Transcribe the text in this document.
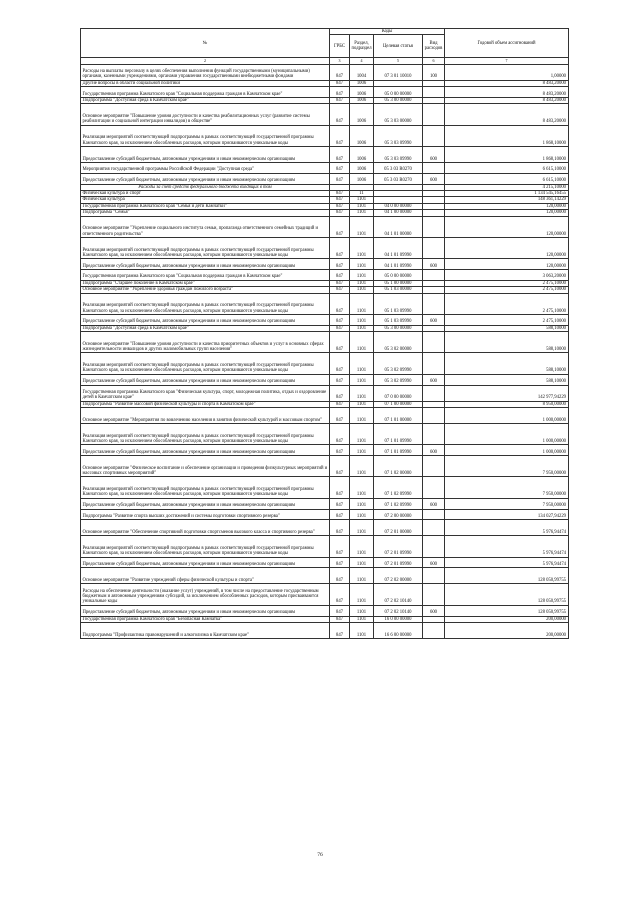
№	Коды				Годовой объем ассигнований
	ГРБС	Раздел, подраздел	Целевая статья	Вид расходов	
2	3	4	5	6	7
Расходы на выплаты персоналу в целях обеспечения выполнения функций государственными (муниципальными) органами, казенными учреждениями, органами управления государственными внебюджетными фондами	847	1004	07 3 01 10010	100	1,00000
Другие вопросы в области социальной политики	847	1006			8 483,20000
Государственная программа Камчатского края "Социальная поддержка граждан в Камчатском крае"	847	1006	05 0 00 00000		8 483,20000
Подпрограмма "Доступная среда в Камчатском крае"	847	1006	05 3 00 00000		8 483,20000
Основное мероприятие "Повышение уровня доступности и качества реабилитационных услуг (развитие системы реабилитации и социальной интеграции инвалидов) в обществе"	847	1006	05 3 03 00000		8 483,20000
Реализация мероприятий соответствующей подпрограммы в рамках соответствующей государственной программы Камчатского края, за исключением обособленных расходов, которым присваиваются уникальные коды	847	1006	05 3 03 09990		1 868,10000
Предоставление субсидий бюджетным, автономным учреждениям и иным некоммерческим организациям	847	1006	05 3 03 09990	600	1 868,10000
Мероприятия государственной программы Российской Федерации "Доступная среда"	847	1006	05 3 03 R0270		6 615,10000
Предоставление субсидий бюджетным, автономным учреждениям и иным некоммерческим организациям	847	1006	05 3 03 R0270	600	6 615,10000
Расходы за счет средств федерального бюджета входящих в том					4 215,10000
Физическая культура и спорт	847	11			1 134 545,16455
Физическая культура	847	1101			148 361,14229
Государственная программа Камчатского края "Семья и дети Камчатки"	847	1101	04 0 00 00000		120,00000
Подпрограмма "Семья"	847	1101	04 1 00 00000		120,00000
Основное мероприятие "Укрепление социального института семьи, пропаганда ответственного семейных традиций и ответственного родительства"	847	1101	04 1 01 00000		120,00000
Реализация мероприятий соответствующей подпрограммы в рамках соответствующей государственной программы Камчатского края, за исключением обособленных расходов, которым присваиваются уникальные коды	847	1101	04 1 01 09990		120,00000
Предоставление субсидий бюджетным, автономным учреждениям и иным некоммерческим организациям	847	1101	04 1 01 09990	600	120,00000
Государственная программа Камчатского края "Социальная поддержка граждан в Камчатском крае"	847	1101	05 0 00 00000		3 063,20000
Подпрограмма "Старшее поколение в Камчатском крае"	847	1101	05 1 00 00000		2 475,10000
Основное мероприятие "Укрепление здоровья граждан пожилого возраста"	847	1101	05 1 03 00000		2 475,10000
Реализация мероприятий соответствующей подпрограммы в рамках соответствующей государственной программы Камчатского края, за исключением обособленных расходов, которым присваиваются уникальные коды	847	1101	05 1 03 09990		2 475,10000
Предоставление субсидий бюджетным, автономным учреждениям и иным некоммерческим организациям	847	1101	05 1 03 09990	600	2 475,10000
Подпрограмма "Доступная среда в Камчатском крае"	847	1101	05 3 00 00000		588,10000
Основное мероприятие "Повышение уровня доступности и качества приоритетных объектов и услуг в основных сферах жизнедеятельности инвалидов и других маломобильных групп населения"	847	1101	05 3 02 00000		588,10000
Реализация мероприятий соответствующей подпрограммы в рамках соответствующей государственной программы Камчатского края, за исключением обособленных расходов, которым присваиваются уникальные коды	847	1101	05 3 02 09990		588,10000
Предоставление субсидий бюджетным, автономным учреждениям и иным некоммерческим организациям	847	1101	05 3 02 09990	600	588,10000
Государственная программа Камчатского края "Физическая культура, спорт, молодежная политика, отдых и оздоровление детей в Камчатском крае"	847	1101	07 0 00 00000		142 977,94229
Подпрограмма "Развитие массовой физической культуры и спорта в Камчатском крае"	847	1101	07 1 00 00000		8 950,00000
Основное мероприятие "Мероприятия по вовлечению населения в занятия физической культурой и массовым спортом"	847	1101	07 1 01 00000		1 000,00000
Реализация мероприятий соответствующей подпрограммы в рамках соответствующей государственной программы Камчатского края, за исключением обособленных расходов, которым присваиваются уникальные коды	847	1101	07 1 01 09990		1 000,00000
Предоставление субсидий бюджетным, автономным учреждениям и иным некоммерческим организациям	847	1101	07 1 01 09990	600	1 000,00000
Основное мероприятие "Физическое воспитание и обеспечение организации и проведения физкультурных мероприятий и массовых спортивных мероприятий"	847	1101	07 1 02 00000		7 950,00000
Реализация мероприятий соответствующей подпрограммы в рамках соответствующей государственной программы Камчатского края, за исключением обособленных расходов, которым присваиваются уникальные коды	847	1101	07 1 02 09990		7 950,00000
Предоставление субсидий бюджетным, автономным учреждениям и иным некоммерческим организациям	847	1101	07 1 02 09990	600	7 950,00000
Подпрограмма "Развитие спорта высших достижений и системы подготовки спортивного резерва"	847	1101	07 2 00 00000		134 027,94229
Основное мероприятие "Обеспечение спортивной подготовки спортсменов высокого класса и спортивного резерва"	847	1101	07 2 01 00000		5 976,94474
Реализация мероприятий соответствующей подпрограммы в рамках соответствующей государственной программы Камчатского края, за исключением обособленных расходов, которым присваиваются уникальные коды	847	1101	07 2 01 09990		5 976,94474
Предоставление субсидий бюджетным, автономным учреждениям и иным некоммерческим организациям	847	1101	07 2 01 09990	600	5 976,94474
Основное мероприятие "Развитие учреждений сферы физической культуры и спорта"	847	1101	07 2 02 00000		128 050,99755
Расходы на обеспечение деятельности (оказание услуг) учреждений, в том числе на предоставление государственным бюджетным и автономным учреждениям субсидий, за исключением обособленных расходов, которым присваиваются уникальные коды	847	1101	07 2 02 10140		128 050,99755
Предоставление субсидий бюджетным, автономным учреждениям и иным некоммерческим организациям	847	1101	07 2 02 10140	600	128 050,99755
Государственная программа Камчатского края "Безопасная Камчатка"	847	1101	16 0 00 00000		200,00000
Подпрограмма "Профилактика правонарушений и алкоголизма в Камчатском крае"	847	1101	16 6 00 00000		200,00000
76
